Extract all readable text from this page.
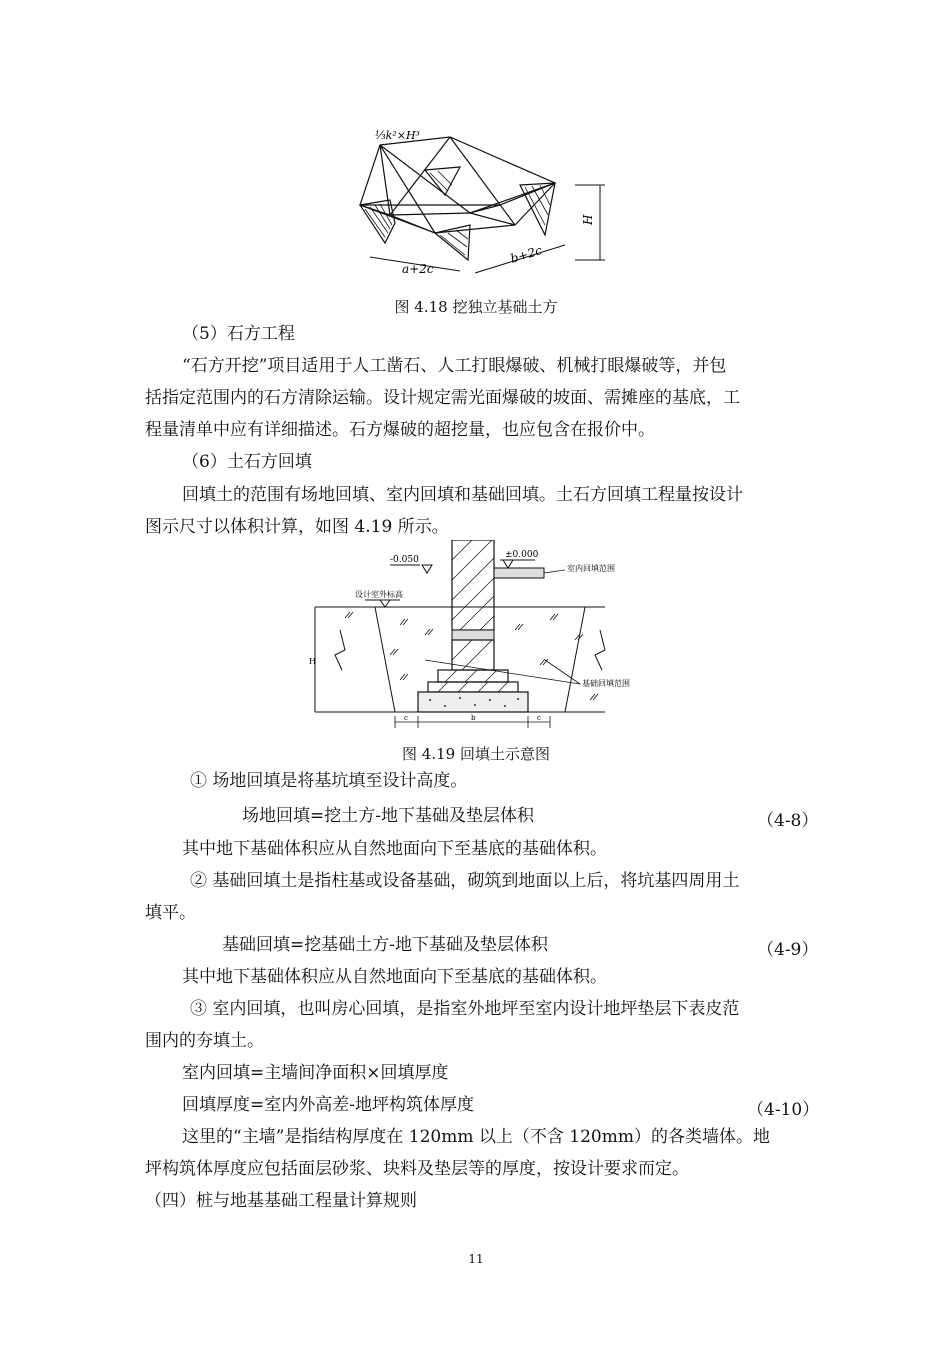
H
a+2c
b+2c
⅓k²×H³
图 4.18 挖独立基础土方
（5）石方工程
“石方开挖”项目适用于人工凿石、人工打眼爆破、机械打眼爆破等，并包
括指定范围内的石方清除运输。设计规定需光面爆破的坡面、需摊座的基底，工
程量清单中应有详细描述。石方爆破的超挖量，也应包含在报价中。
（6）土石方回填
回填土的范围有场地回填、室内回填和基础回填。土石方回填工程量按设计
图示尺寸以体积计算，如图 4.19 所示。
-0.050	±0.000
室内回填范围
设计室外标高
基础回填范围
H
c	b	c
图 4.19 回填土示意图
① 场地回填是将基坑填至设计高度。
场地回填=挖土方-地下基础及垫层体积	（4-8）
其中地下基础体积应从自然地面向下至基底的基础体积。
② 基础回填土是指柱基或设备基础，砌筑到地面以上后，将坑基四周用土
填平。
基础回填=挖基础土方-地下基础及垫层体积	（4-9）
其中地下基础体积应从自然地面向下至基底的基础体积。
③ 室内回填，也叫房心回填，是指室外地坪至室内设计地坪垫层下表皮范
围内的夯填土。
室内回填=主墙间净面积×回填厚度
回填厚度=室内外高差-地坪构筑体厚度	（4-10）
这里的“主墙”是指结构厚度在 120mm 以上（不含 120mm）的各类墙体。地
坪构筑体厚度应包括面层砂浆、块料及垫层等的厚度，按设计要求而定。
（四）桩与地基基础工程量计算规则
11
